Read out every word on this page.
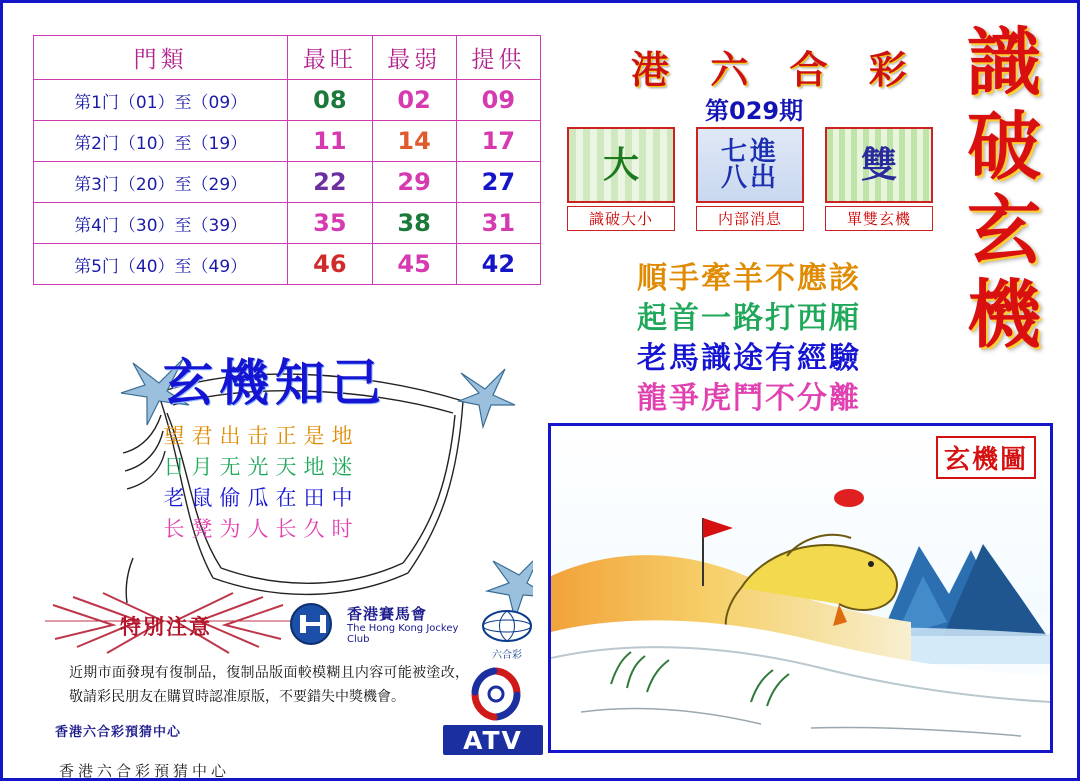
門類	最旺	最弱	提供
第1门（01）至（09）	08	02	09
第2门（10）至（19）	11	14	17
第3门（20）至（29）	22	29	27
第4门（30）至（39）	35	38	31
第5门（40）至（49）	46	45	42
港 六 合 彩 識破玄機
第029期
大
識破大小
七進
八出
内部消息
雙
單雙玄機
順手牽羊不應該
起首一路打西厢
老馬識途有經驗
龍爭虎鬥不分離
玄機知己
望君出击正是地
日月无光天地迷
老鼠偷瓜在田中
长凳为人长久时
特別注意
近期市面發現有復制品，復制品版面較模糊且内容可能被塗改，敬請彩民朋友在購買時認准原版，不要錯失中獎機會。
香港六合彩預猜中心
香港六合彩預猜中心
香港賽馬會
The Hong Kong Jockey Club
六合彩
ATV
玄機圖
